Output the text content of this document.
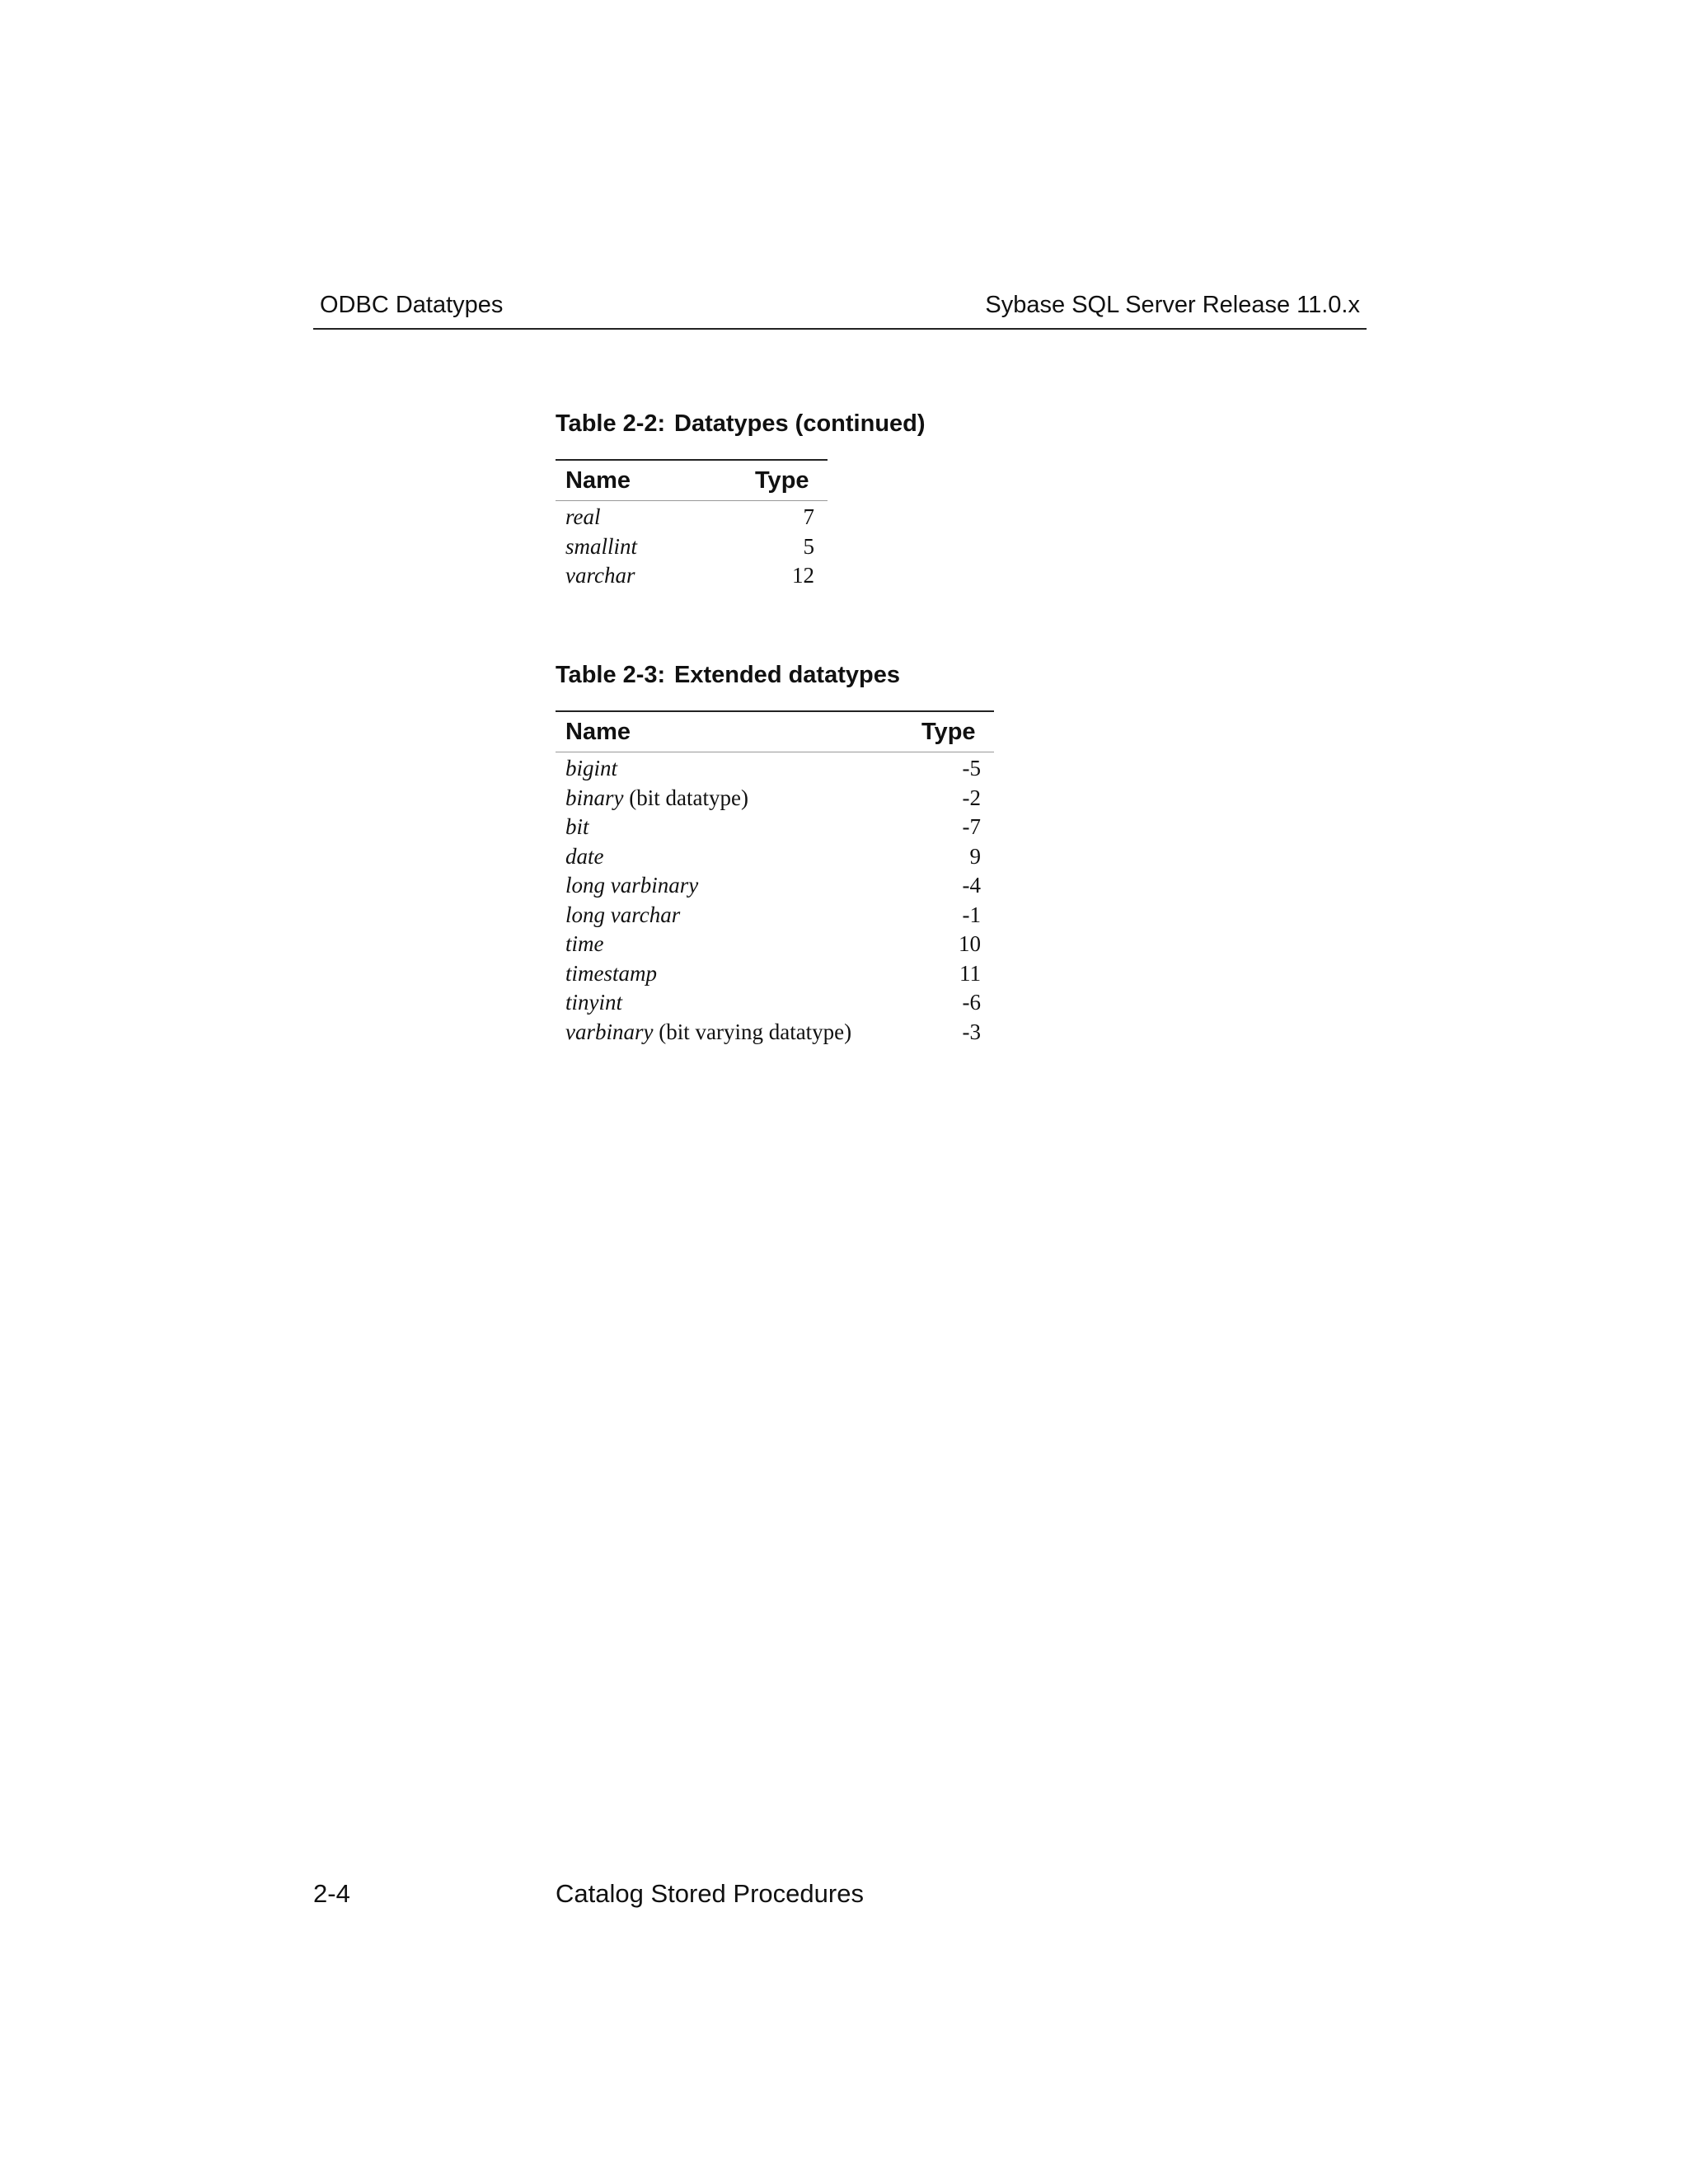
ODBC Datatypes	Sybase SQL Server Release 11.0.x
Table 2-2: Datatypes (continued)
Name	Type
real	7
smallint	5
varchar	12
Table 2-3: Extended datatypes
Name	Type
bigint	-5
binary (bit datatype)	-2
bit	-7
date	9
long varbinary	-4
long varchar	-1
time	10
timestamp	11
tinyint	-6
varbinary (bit varying datatype)	-3
2-4	Catalog Stored Procedures
